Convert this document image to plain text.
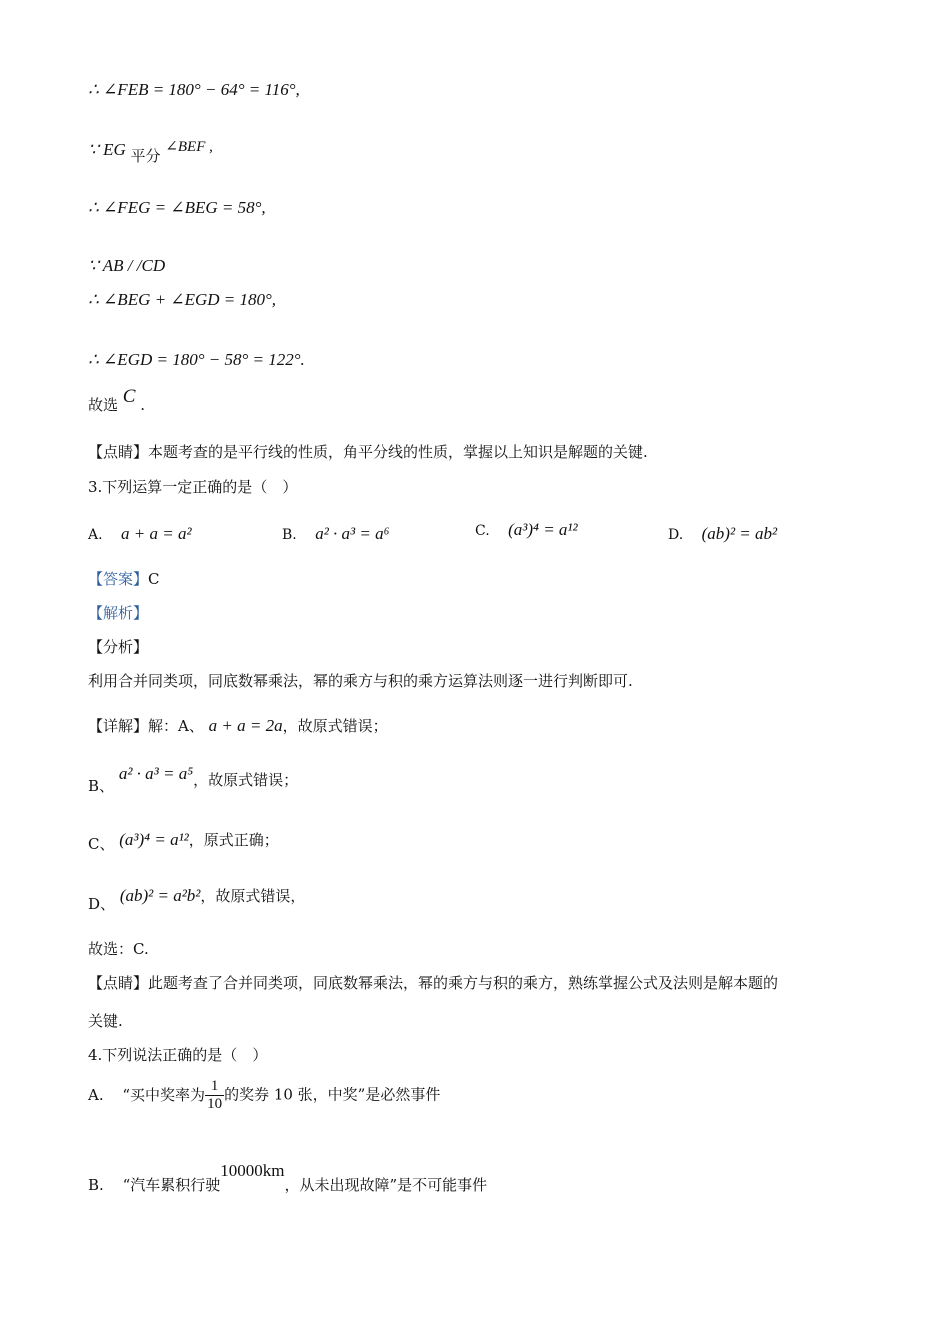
∴ ∠FEB = 180° − 64° = 116°,
∵ EG 平分 ∠BEF ,
∴ ∠FEG = ∠BEG = 58°,
∵ AB / /CD
∴ ∠BEG + ∠EGD = 180°,
∴ ∠EGD = 180° − 58° = 122°.
故选 C .
【点睛】本题考查的是平行线的性质，角平分线的性质，掌握以上知识是解题的关键.
3.下列运算一定正确的是（　）
A. a + a = a²	B. a² · a³ = a⁶	C. (a³)⁴ = a¹²	D. (ab)² = ab²
【答案】C
【解析】
【分析】
利用合并同类项，同底数幂乘法，幂的乘方与积的乘方运算法则逐一进行判断即可.
【详解】解：A、 a + a = 2a，故原式错误；
B、 a² · a³ = a⁵，故原式错误；
C、 (a³)⁴ = a¹²，原式正确；
D、 (ab)² = a²b²，故原式错误，
故选：C.
【点睛】此题考查了合并同类项，同底数幂乘法，幂的乘方与积的乘方，熟练掌握公式及法则是解本题的
关键.
4.下列说法正确的是（　）
A. “买中奖率为 $\frac{1}{10}$ 的奖券 10 张，中奖”是必然事件
B. “汽车累积行驶10000km，从未出现故障”是不可能事件
